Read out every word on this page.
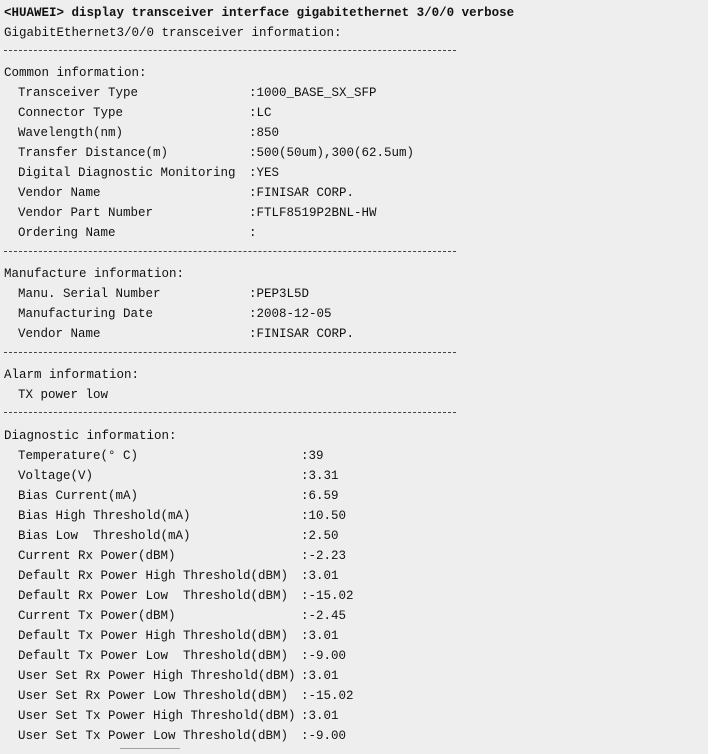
<HUAWEI> display transceiver interface gigabitethernet 3/0/0 verbose
GigabitEthernet3/0/0 transceiver information:
Common information:
Transceiver Type	:1000_BASE_SX_SFP
Connector Type	:LC
Wavelength(nm)	:850
Transfer Distance(m)	:500(50um),300(62.5um)
Digital Diagnostic Monitoring :YES
Vendor Name	:FINISAR CORP.
Vendor Part Number	:FTLF8519P2BNL-HW
Ordering Name	:
Manufacture information:
Manu. Serial Number	:PEP3L5D
Manufacturing Date	:2008-12-05
Vendor Name	:FINISAR CORP.
Alarm information:
TX power low
Diagnostic information:
Temperature(° C)	:39
Voltage(V)	:3.31
Bias Current(mA)	:6.59
Bias High Threshold(mA)	:10.50
Bias Low  Threshold(mA)	:2.50
Current Rx Power(dBM)	:-2.23
Default Rx Power High Threshold(dBM) :3.01
Default Rx Power Low  Threshold(dBM) :-15.02
Current Tx Power(dBM)	:-2.45
Default Tx Power High Threshold(dBM) :3.01
Default Tx Power Low  Threshold(dBM) :-9.00
User Set Rx Power High Threshold(dBM) :3.01
User Set Rx Power Low Threshold(dBM) :-15.02
User Set Tx Power High Threshold(dBM) :3.01
User Set Tx Power Low Threshold(dBM) :-9.00
